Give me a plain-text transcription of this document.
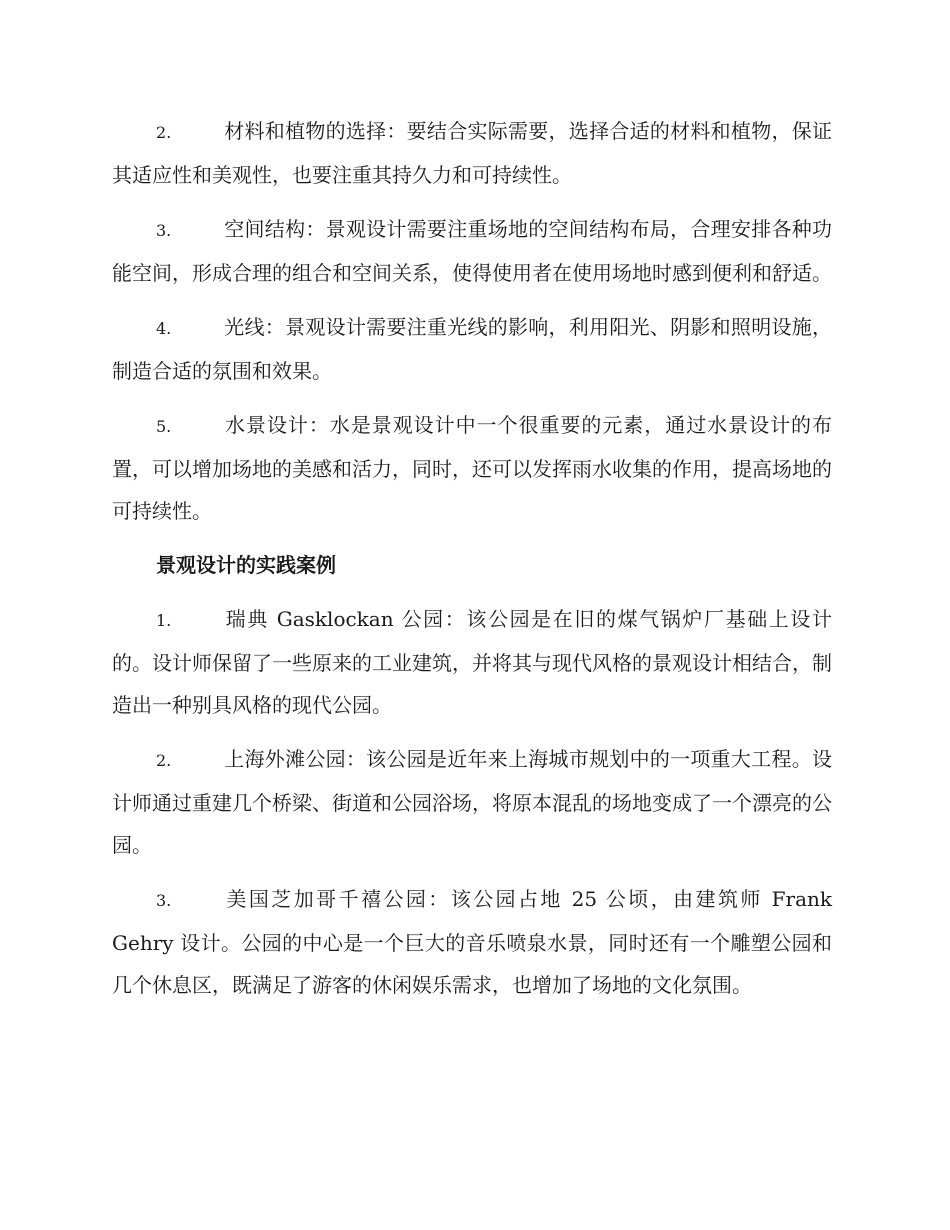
2.	材料和植物的选择：要结合实际需要，选择合适的材料和植物，保证其适应性和美观性，也要注重其持久力和可持续性。

3.	空间结构：景观设计需要注重场地的空间结构布局，合理安排各种功能空间，形成合理的组合和空间关系，使得使用者在使用场地时感到便利和舒适。

4.	光线：景观设计需要注重光线的影响，利用阳光、阴影和照明设施，制造合适的氛围和效果。

5.	水景设计：水是景观设计中一个很重要的元素，通过水景设计的布置，可以增加场地的美感和活力，同时，还可以发挥雨水收集的作用，提高场地的可持续性。

景观设计的实践案例

1.	瑞典 Gasklockan 公园：该公园是在旧的煤气锅炉厂基础上设计的。设计师保留了一些原来的工业建筑，并将其与现代风格的景观设计相结合，制造出一种别具风格的现代公园。

2.	上海外滩公园：该公园是近年来上海城市规划中的一项重大工程。设计师通过重建几个桥梁、街道和公园浴场，将原本混乱的场地变成了一个漂亮的公园。

3.	美国芝加哥千禧公园：该公园占地 25 公顷，由建筑师 Frank Gehry 设计。公园的中心是一个巨大的音乐喷泉水景，同时还有一个雕塑公园和几个休息区，既满足了游客的休闲娱乐需求，也增加了场地的文化氛围。
